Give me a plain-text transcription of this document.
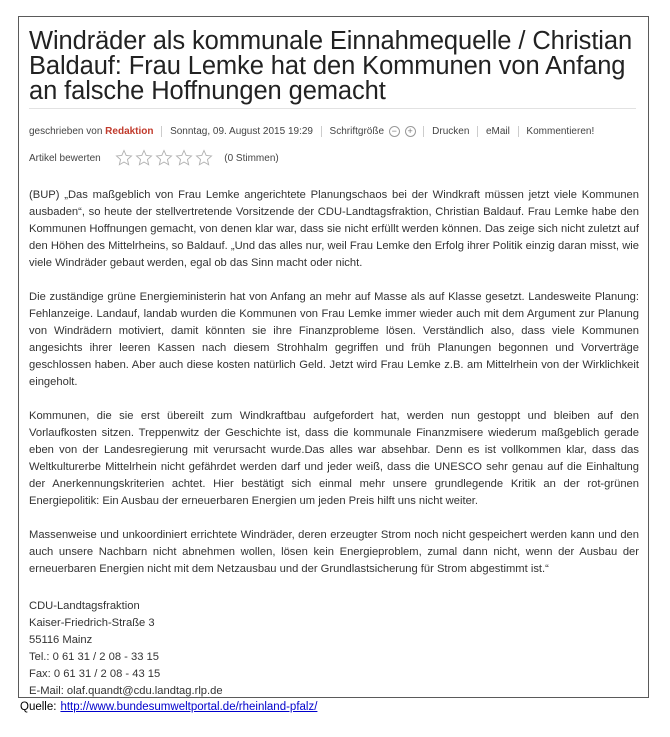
Windräder als kommunale Einnahmequelle / Christian Baldauf: Frau Lemke hat den Kommunen von Anfang an falsche Hoffnungen gemacht
geschrieben von Redaktion Sonntag, 09. August 2015 19:29 Schriftgröße − + Drucken eMail Kommentieren!
Artikel bewerten	(0 Stimmen)

(BUP) „Das maßgeblich von Frau Lemke angerichtete Planungschaos bei der Windkraft müssen jetzt viele Kommunen ausbaden“, so heute der stellvertretende Vorsitzende der CDU-Landtagsfraktion, Christian Baldauf. Frau Lemke habe den Kommunen Hoffnungen gemacht, von denen klar war, dass sie nicht erfüllt werden können. Das zeige sich nicht zuletzt auf den Höhen des Mittelrheins, so Baldauf. „Und das alles nur, weil Frau Lemke den Erfolg ihrer Politik einzig daran misst, wie viele Windräder gebaut werden, egal ob das Sinn macht oder nicht.

Die zuständige grüne Energieministerin hat von Anfang an mehr auf Masse als auf Klasse gesetzt. Landesweite Planung: Fehlanzeige. Landauf, landab wurden die Kommunen von Frau Lemke immer wieder auch mit dem Argument zur Planung von Windrädern motiviert, damit könnten sie ihre Finanzprobleme lösen. Verständlich also, dass viele Kommunen angesichts ihrer leeren Kassen nach diesem Strohhalm gegriffen und früh Planungen begonnen und Vorverträge geschlossen haben. Aber auch diese kosten natürlich Geld. Jetzt wird Frau Lemke z.B. am Mittelrhein von der Wirklichkeit eingeholt.

Kommunen, die sie erst übereilt zum Windkraftbau aufgefordert hat, werden nun gestoppt und bleiben auf den Vorlaufkosten sitzen. Treppenwitz der Geschichte ist, dass die kommunale Finanzmisere wiederum maßgeblich gerade eben von der Landesregierung mit verursacht wurde.Das alles war absehbar. Denn es ist vollkommen klar, dass das Weltkulturerbe Mittelrhein nicht gefährdet werden darf und jeder weiß, dass die UNESCO sehr genau auf die Einhaltung der Anerkennungskriterien achtet. Hier bestätigt sich einmal mehr unsere grundlegende Kritik an der rot-grünen Energiepolitik: Ein Ausbau der erneuerbaren Energien um jeden Preis hilft uns nicht weiter.

Massenweise und unkoordiniert errichtete Windräder, deren erzeugter Strom noch nicht gespeichert werden kann und den auch unsere Nachbarn nicht abnehmen wollen, lösen kein Energieproblem, zumal dann nicht, wenn der Ausbau der erneuerbaren Energien nicht mit dem Netzausbau und der Grundlastsicherung für Strom abgestimmt ist.“

CDU-Landtagsfraktion
Kaiser-Friedrich-Straße 3
55116 Mainz
Tel.: 0 61 31 / 2 08 - 33 15
Fax: 0 61 31 / 2 08 - 43 15
E-Mail: olaf.quandt@cdu.landtag.rlp.de
Quelle: http://www.bundesumweltportal.de/rheinland-pfalz/
